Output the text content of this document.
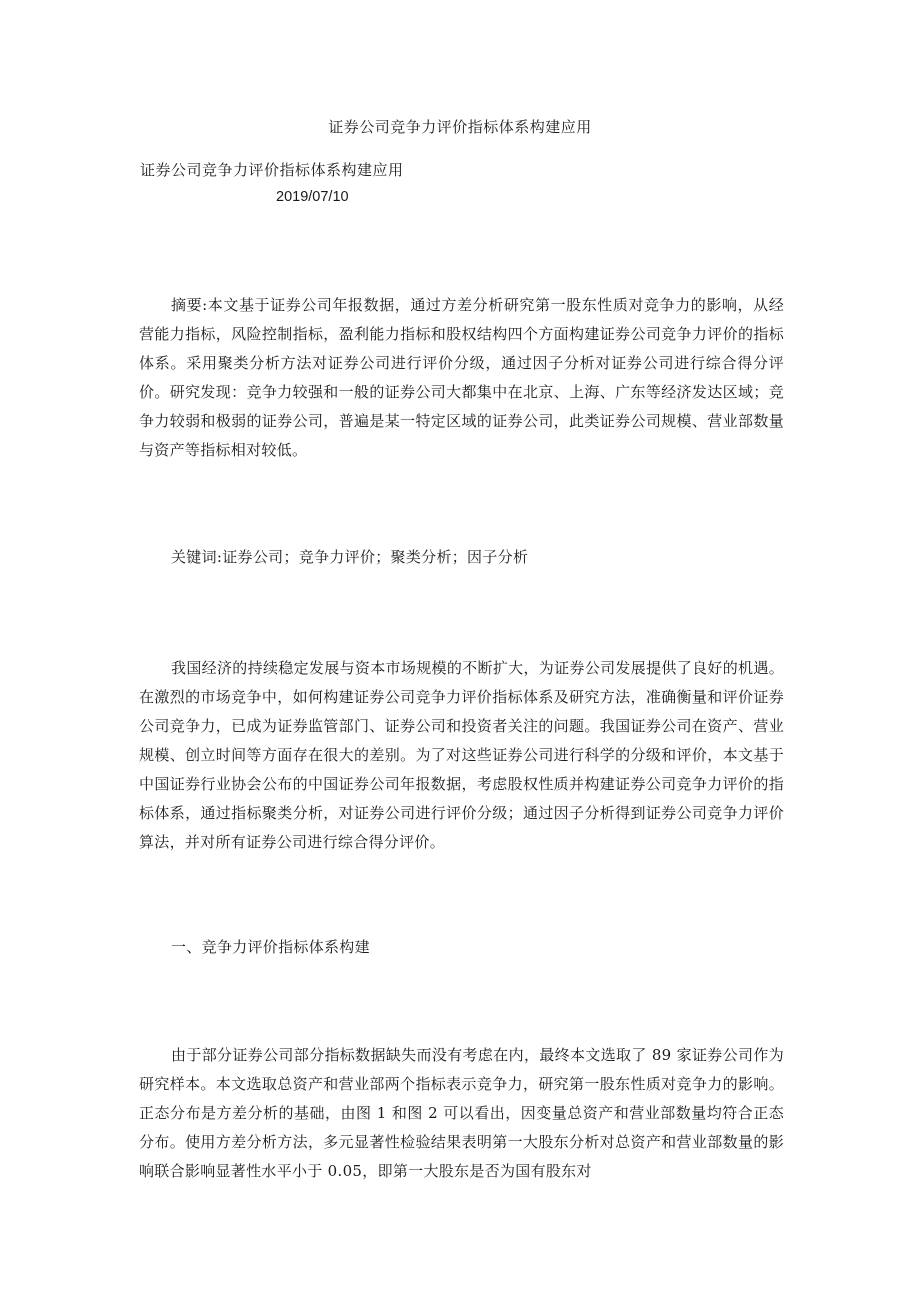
证券公司竞争力评价指标体系构建应用
证券公司竞争力评价指标体系构建应用
2019/07/10

摘要:本文基于证券公司年报数据，通过方差分析研究第一股东性质对竞争力的影响，从经营能力指标，风险控制指标，盈利能力指标和股权结构四个方面构建证券公司竞争力评价的指标体系。采用聚类分析方法对证券公司进行评价分级，通过因子分析对证券公司进行综合得分评价。研究发现：竞争力较强和一般的证券公司大都集中在北京、上海、广东等经济发达区域；竞争力较弱和极弱的证券公司，普遍是某一特定区域的证券公司，此类证券公司规模、营业部数量与资产等指标相对较低。

关键词:证券公司；竞争力评价；聚类分析；因子分析

我国经济的持续稳定发展与资本市场规模的不断扩大，为证券公司发展提供了良好的机遇。在激烈的市场竞争中，如何构建证券公司竞争力评价指标体系及研究方法，准确衡量和评价证券公司竞争力，已成为证券监管部门、证券公司和投资者关注的问题。我国证券公司在资产、营业规模、创立时间等方面存在很大的差别。为了对这些证券公司进行科学的分级和评价，本文基于中国证券行业协会公布的中国证券公司年报数据，考虑股权性质并构建证券公司竞争力评价的指标体系，通过指标聚类分析，对证券公司进行评价分级；通过因子分析得到证券公司竞争力评价算法，并对所有证券公司进行综合得分评价。

一、竞争力评价指标体系构建

由于部分证券公司部分指标数据缺失而没有考虑在内，最终本文选取了 89 家证券公司作为研究样本。本文选取总资产和营业部两个指标表示竞争力，研究第一股东性质对竞争力的影响。正态分布是方差分析的基础，由图 1 和图 2 可以看出，因变量总资产和营业部数量均符合正态分布。使用方差分析方法，多元显著性检验结果表明第一大股东分析对总资产和营业部数量的影响联合影响显著性水平小于 0.05，即第一大股东是否为国有股东对
